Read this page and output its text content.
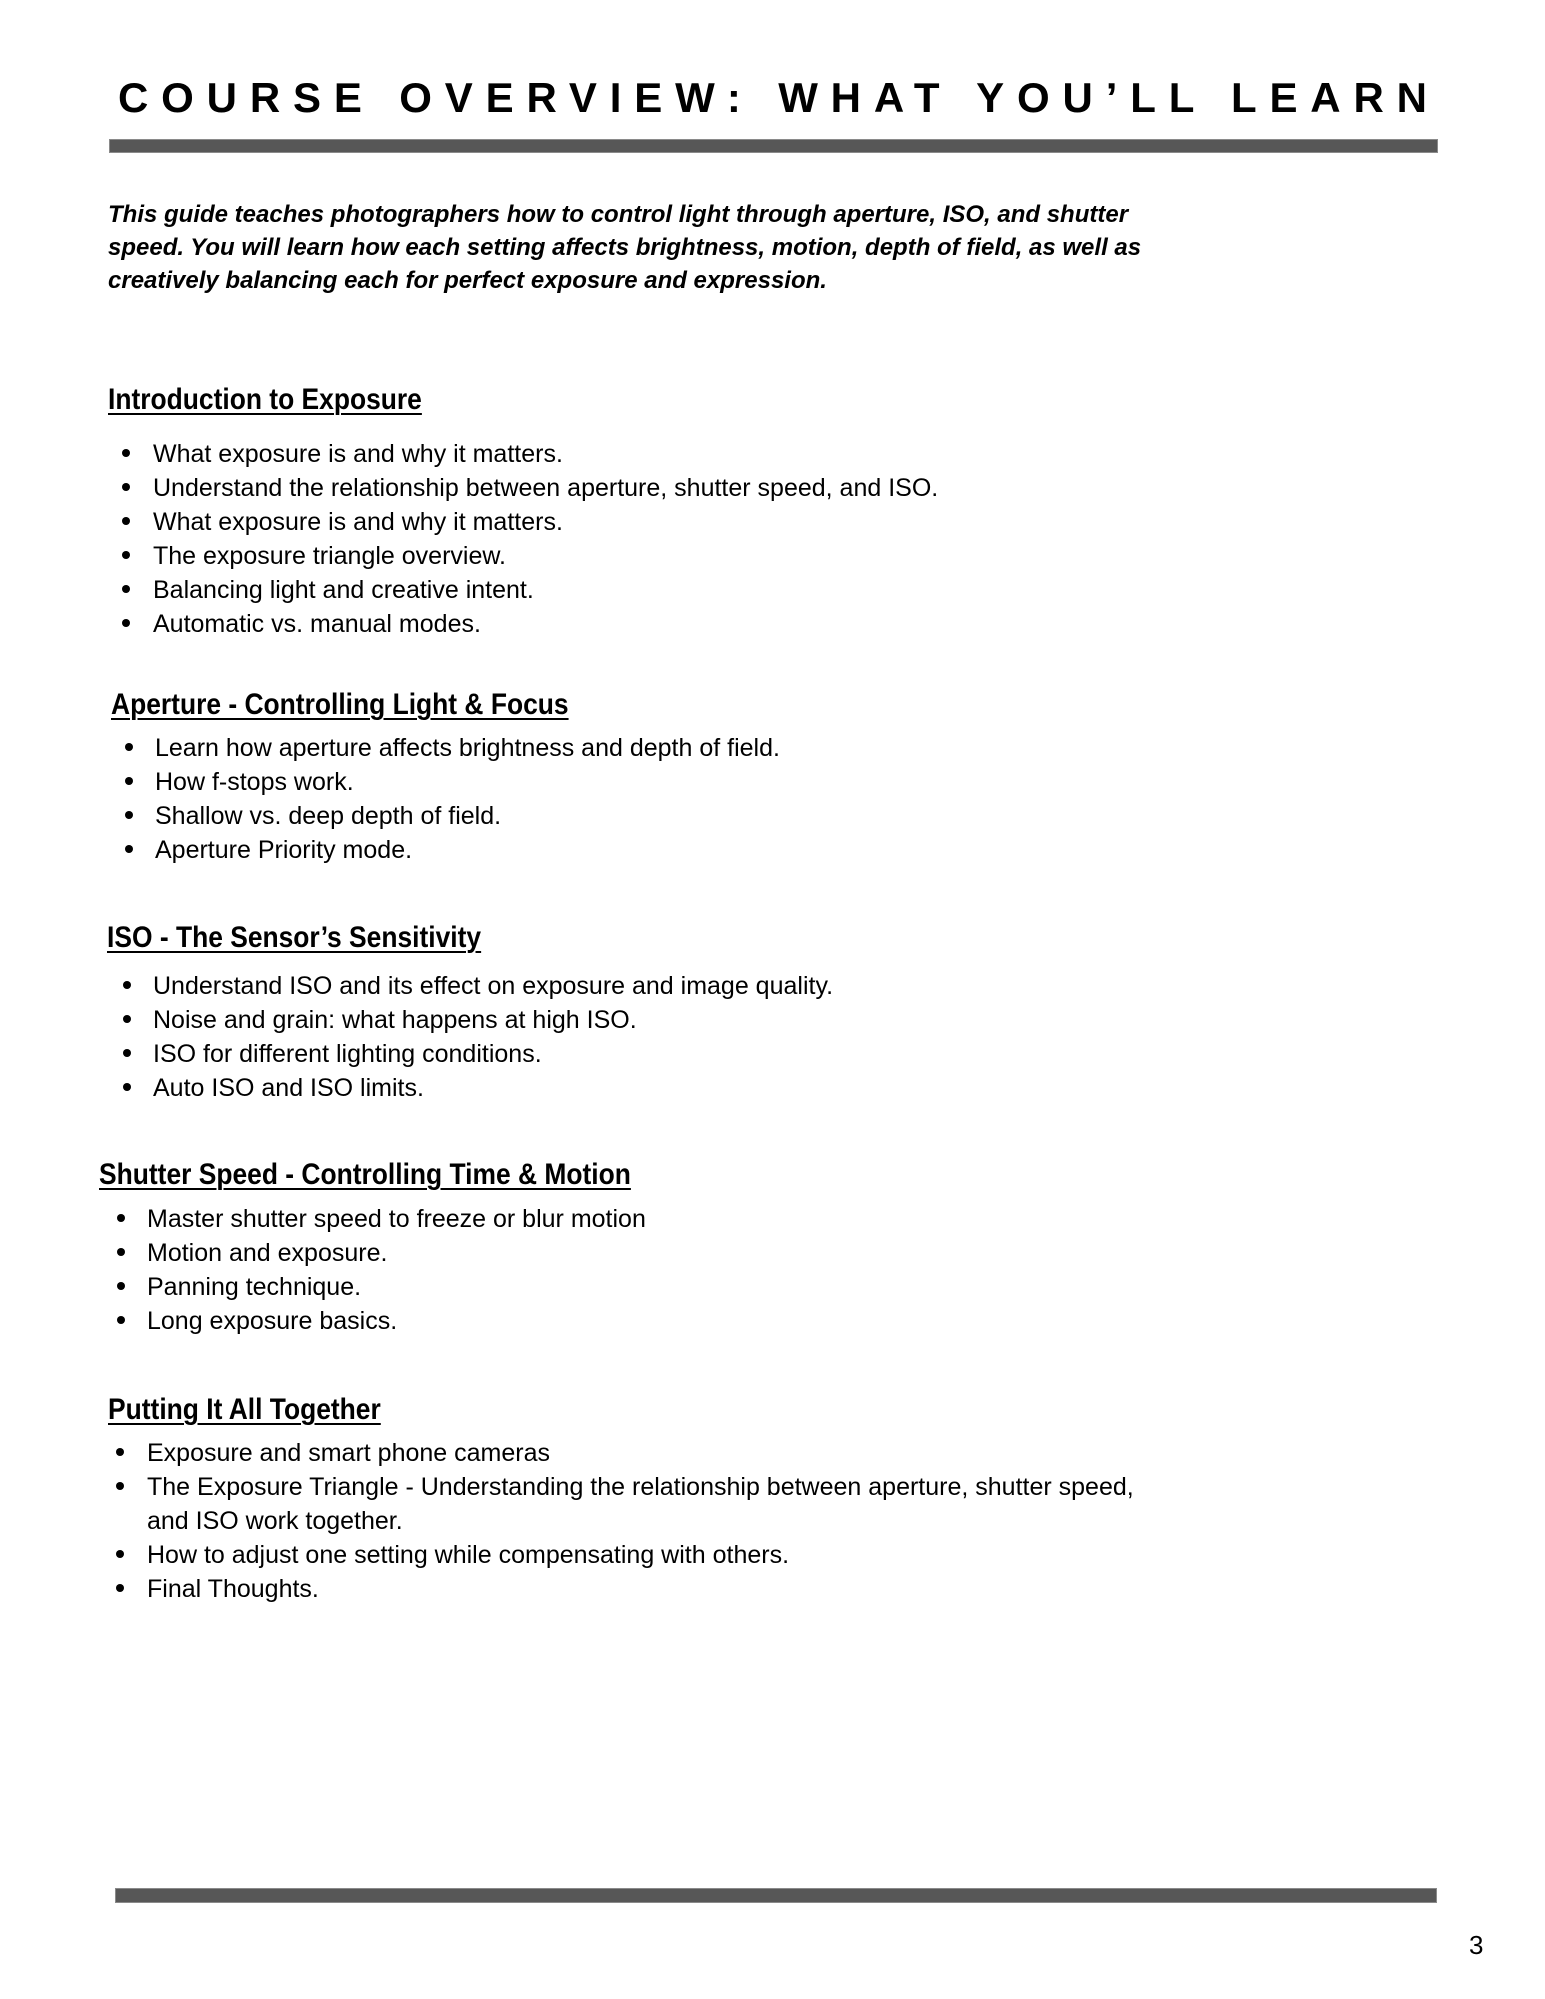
COURSE OVERVIEW: WHAT YOU’LL LEARN

This guide teaches photographers how to control light through aperture, ISO, and shutter
speed. You will learn how each setting affects brightness, motion, depth of field, as well as
creatively balancing each for perfect exposure and expression.

Introduction to Exposure
What exposure is and why it matters.
Understand the relationship between aperture, shutter speed, and ISO.
What exposure is and why it matters.
The exposure triangle overview.
Balancing light and creative intent.
Automatic vs. manual modes.
Aperture - Controlling Light & Focus
Learn how aperture affects brightness and depth of field.
How f-stops work.
Shallow vs. deep depth of field.
Aperture Priority mode.
ISO - The Sensor’s Sensitivity
Understand ISO and its effect on exposure and image quality.
Noise and grain: what happens at high ISO.
ISO for different lighting conditions.
Auto ISO and ISO limits.
Shutter Speed - Controlling Time & Motion
Master shutter speed to freeze or blur motion
Motion and exposure.
Panning technique.
Long exposure basics.
Putting It All Together
Exposure and smart phone cameras
The Exposure Triangle - Understanding the relationship between aperture, shutter speed, and ISO work together.
How to adjust one setting while compensating with others.
Final Thoughts.

3
